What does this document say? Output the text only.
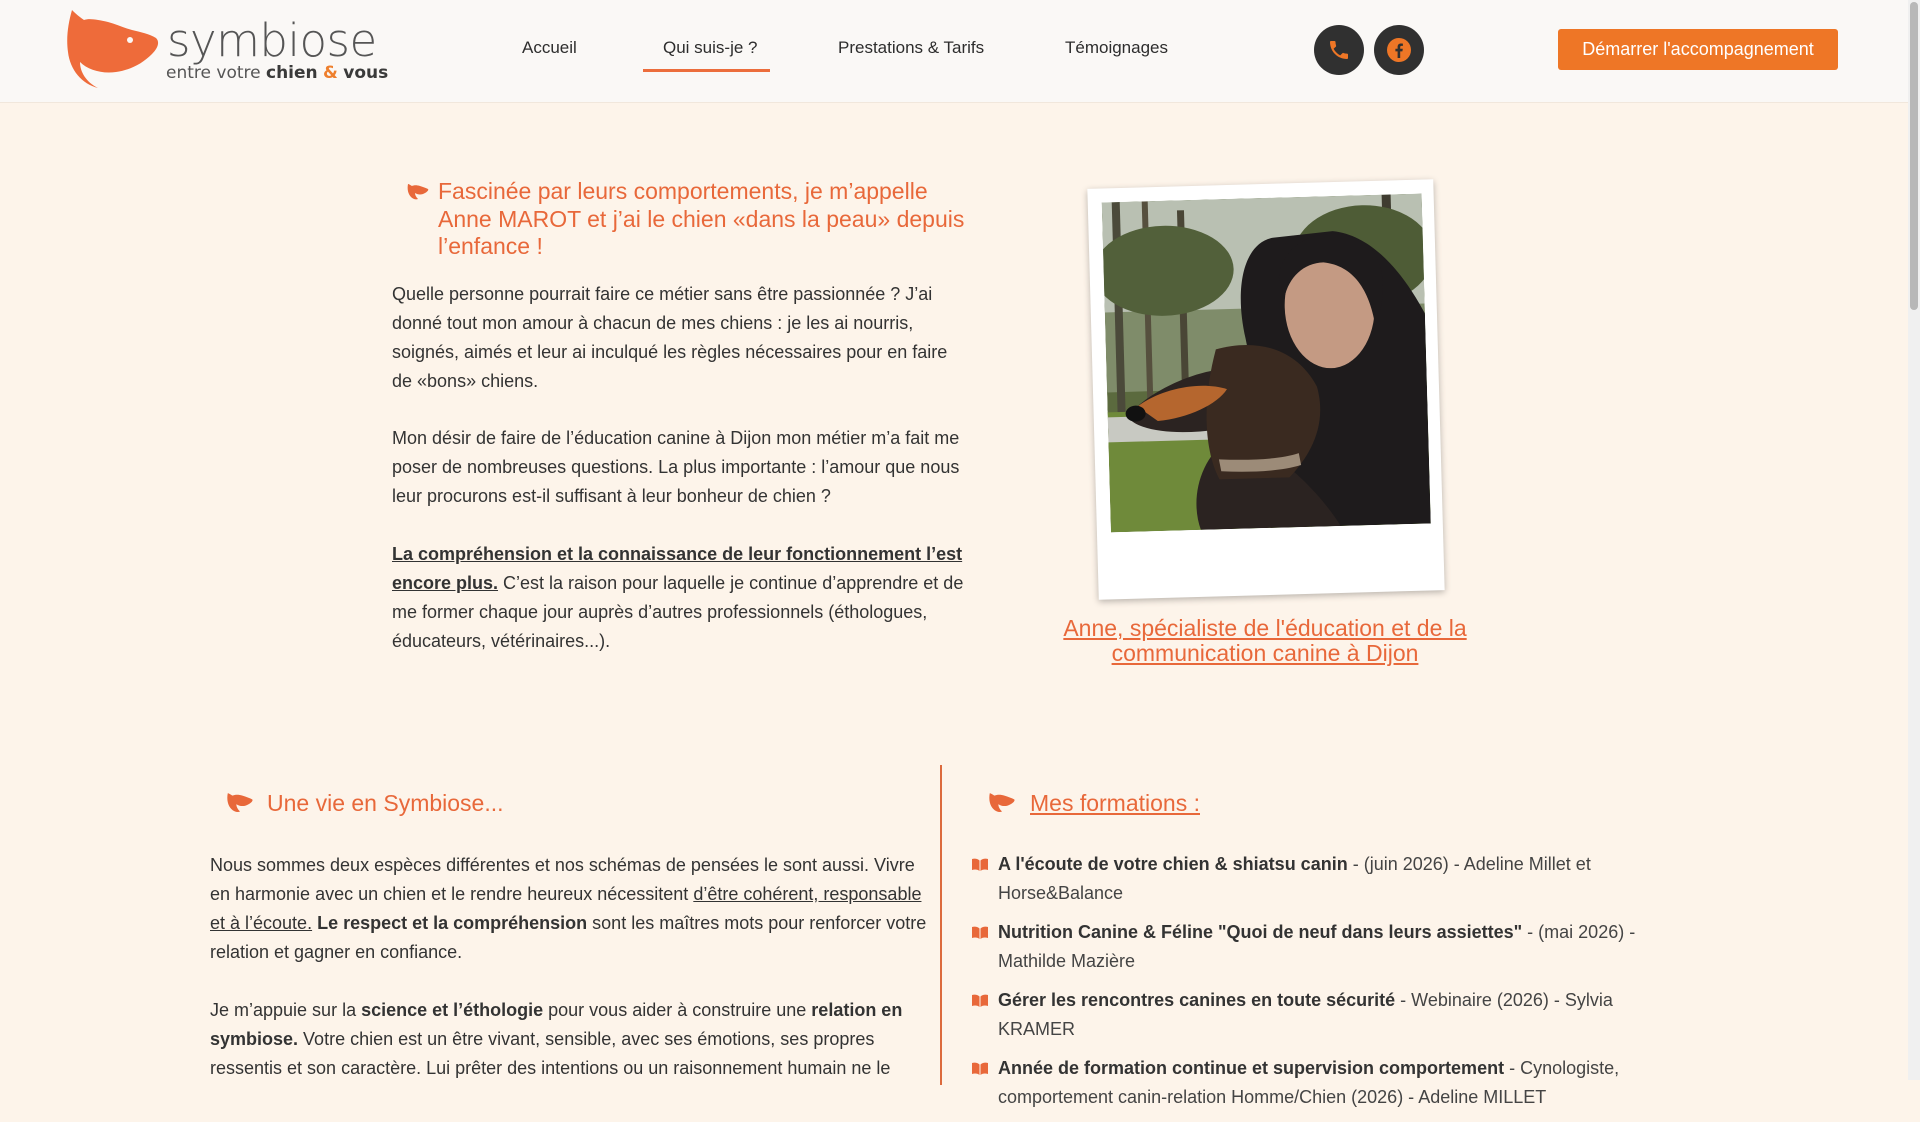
symbiose
entre votre chien & vous
Accueil	Qui suis-je ?	Prestations & Tarifs	Témoignages	Démarrer l'accompagnement
Fascinée par leurs comportements, je m’appelle Anne MAROT et j’ai le chien «dans la peau» depuis l’enfance !
Quelle personne pourrait faire ce métier sans être passionnée ? J’ai donné tout mon amour à chacun de mes chiens : je les ai nourris, soignés, aimés et leur ai inculqué les règles nécessaires pour en faire de «bons» chiens.
Mon désir de faire de l’éducation canine à Dijon mon métier m’a fait me poser de nombreuses questions. La plus importante : l’amour que nous leur procurons est-il suffisant à leur bonheur de chien ?
La compréhension et la connaissance de leur fonctionnement l’est encore plus. C’est la raison pour laquelle je continue d’apprendre et de me former chaque jour auprès d’autres professionnels (éthologues, éducateurs, vétérinaires...).	Anne, spécialiste de l'éducation et de la communication canine à Dijon
Une vie en Symbiose...
Nous sommes deux espèces différentes et nos schémas de pensées le sont aussi. Vivre en harmonie avec un chien et le rendre heureux nécessitent d’être cohérent, responsable et à l’écoute. Le respect et la compréhension sont les maîtres mots pour renforcer votre relation et gagner en confiance.
Je m’appuie sur la science et l’éthologie pour vous aider à construire une relation en symbiose. Votre chien est un être vivant, sensible, avec ses émotions, ses propres ressentis et son caractère. Lui prêter des intentions ou un raisonnement humain ne le
Mes formations :
A l'écoute de votre chien & shiatsu canin - (juin 2026) - Adeline Millet et Horse&Balance
Nutrition Canine & Féline "Quoi de neuf dans leurs assiettes" - (mai 2026) - Mathilde Mazière
Gérer les rencontres canines en toute sécurité - Webinaire (2026) - Sylvia KRAMER
Année de formation continue et supervision comportement - Cynologiste, comportement canin-relation Homme/Chien (2026) - Adeline MILLET
